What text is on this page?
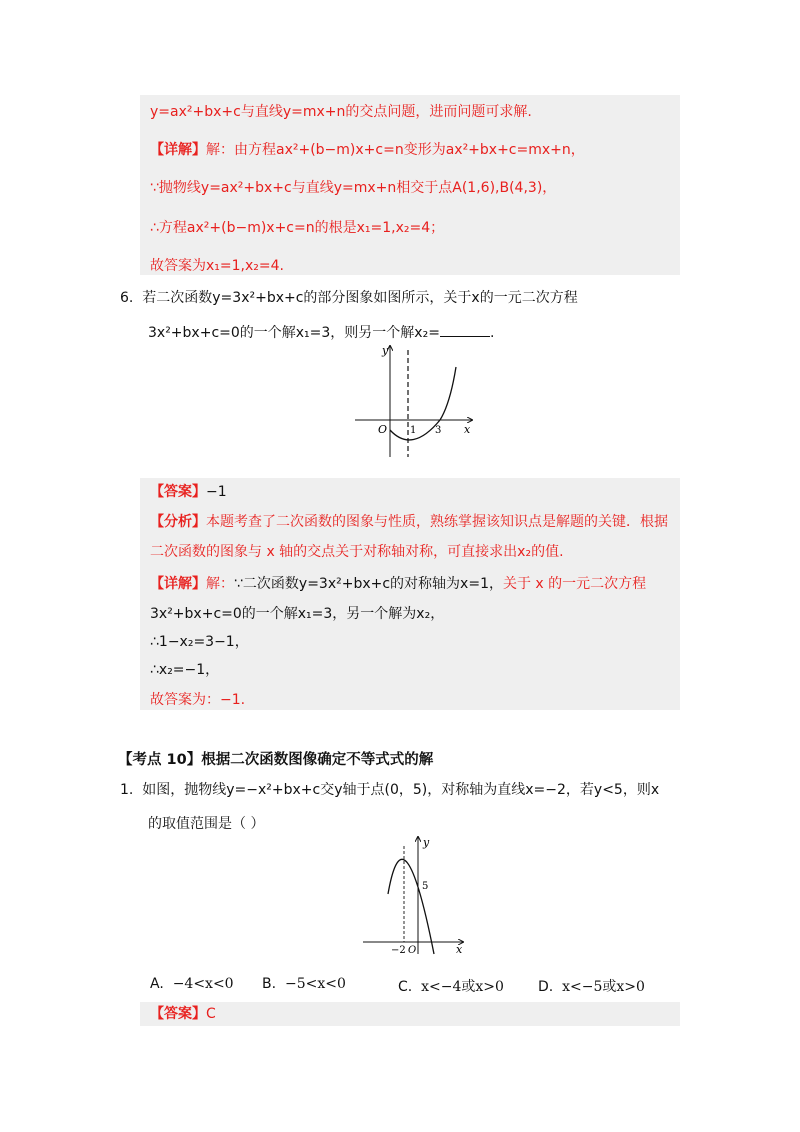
y=ax²+bx+c与直线y=mx+n的交点问题，进而问题可求解.
【详解】解：由方程ax²+(b−m)x+c=n变形为ax²+bx+c=mx+n，
∵抛物线y=ax²+bx+c与直线y=mx+n相交于点A(1,6),B(4,3)，
∴方程ax²+(b−m)x+c=n的根是x₁=1,x₂=4；
故答案为x₁=1,x₂=4.
6. 若二次函数y=3x²+bx+c的部分图象如图所示，关于x的一元二次方程
3x²+bx+c=0的一个解x₁=3，则另一个解x₂=	.
y
x
O 1 3
【答案】−1
【分析】本题考查了二次函数的图象与性质，熟练掌握该知识点是解题的关键．根据
二次函数的图象与 x 轴的交点关于对称轴对称，可直接求出x₂的值.
【详解】解：∵二次函数y=3x²+bx+c的对称轴为x=1，关于 x 的一元二次方程
3x²+bx+c=0的一个解x₁=3，另一个解为x₂，
∴1−x₂=3−1，
∴x₂=−1，
故答案为：−1.
【考点 10】根据二次函数图像确定不等式式的解
1. 如图，抛物线y=−x²+bx+c交y轴于点(0，5)，对称轴为直线x=−2，若y<5，则x
的取值范围是（ ）
y
x
5
−2 O
A. −4<x<0 B. −5<x<0	C. x<−4或x>0 D. x<−5或x>0
【答案】C
